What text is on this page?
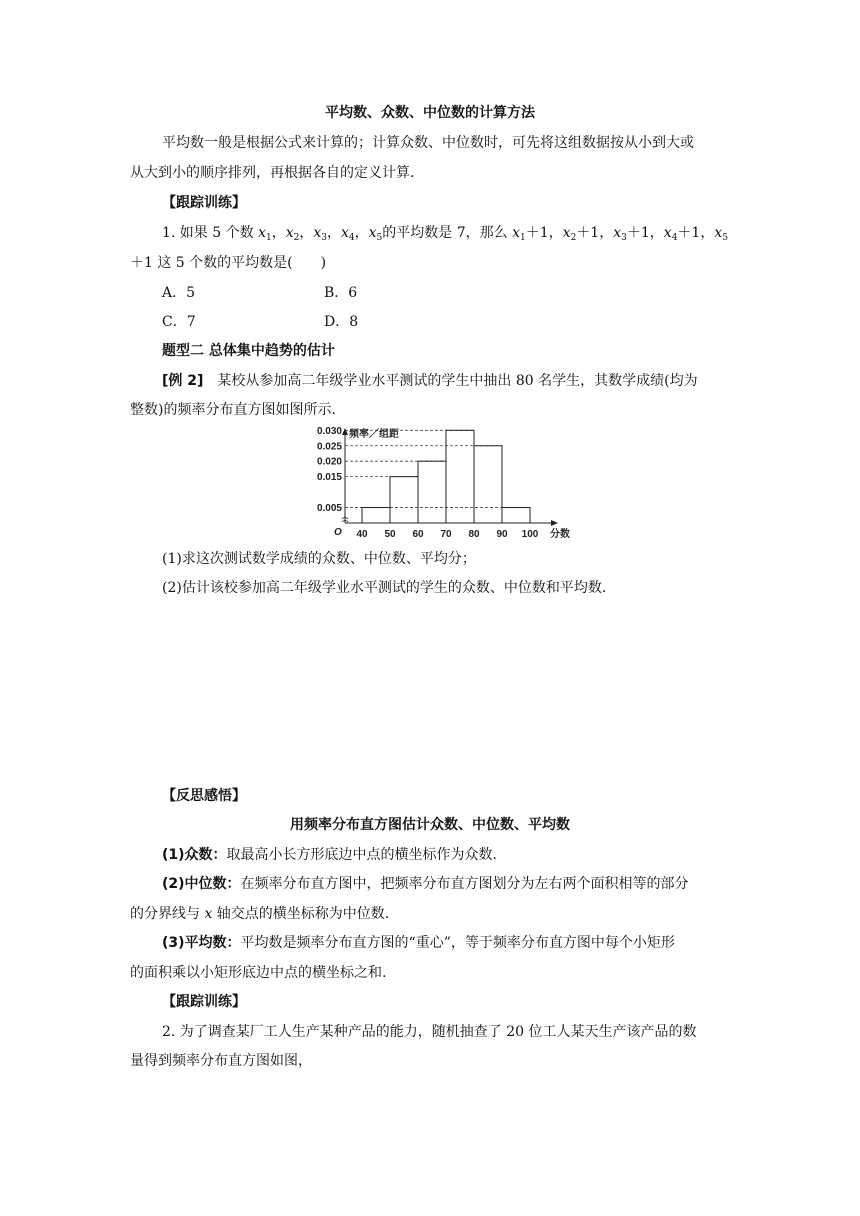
平均数、众数、中位数的计算方法
平均数一般是根据公式来计算的；计算众数、中位数时，可先将这组数据按从小到大或
从大到小的顺序排列，再根据各自的定义计算.
【跟踪训练】
1. 如果 5 个数 $x_1$，$x_2$，$x_3$，$x_4$，$x_5$的平均数是 7，那么 $x_1+1$，$x_2+1$，$x_3+1$，$x_4+1$，$x_5$
＋1 这 5 个数的平均数是(　　)
A．5	B．6
C．7	D．8
题型二 总体集中趋势的估计
[例 2]　某校从参加高二年级学业水平测试的学生中抽出 80 名学生，其数学成绩(均为
整数)的频率分布直方图如图所示.
0.005
0.015
0.020
0.025
0.030
40 50 60 70 80 90 100
频率／组距
分数
O
(1)求这次测试数学成绩的众数、中位数、平均分；
(2)估计该校参加高二年级学业水平测试的学生的众数、中位数和平均数.
【反思感悟】
用频率分布直方图估计众数、中位数、平均数
(1)众数：取最高小长方形底边中点的横坐标作为众数.
(2)中位数：在频率分布直方图中，把频率分布直方图划分为左右两个面积相等的部分
的分界线与 x 轴交点的横坐标称为中位数.
(3)平均数：平均数是频率分布直方图的“重心”，等于频率分布直方图中每个小矩形
的面积乘以小矩形底边中点的横坐标之和.
【跟踪训练】
2. 为了调查某厂工人生产某种产品的能力，随机抽查了 20 位工人某天生产该产品的数
量得到频率分布直方图如图，
